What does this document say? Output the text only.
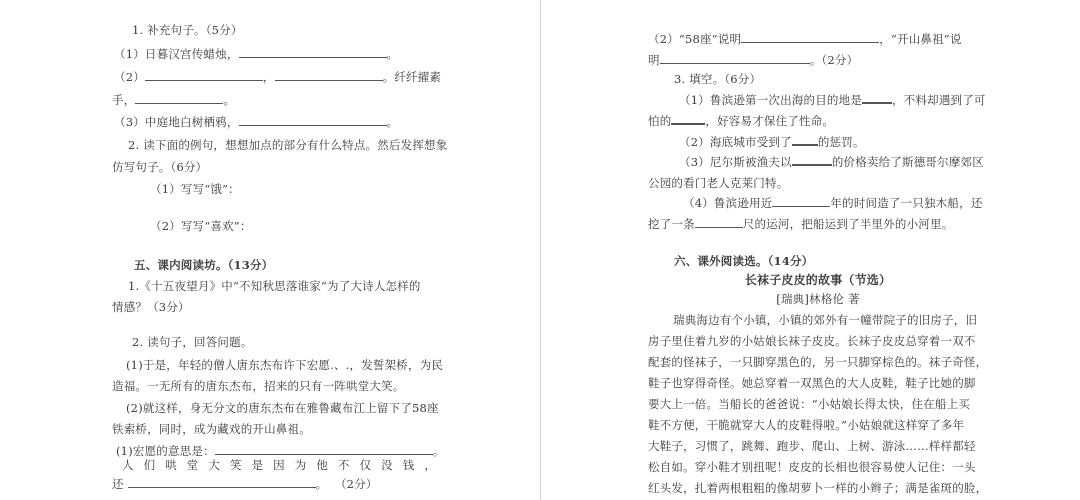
1. 补充句子。（5分）

（1）日暮汉宫传蜡烛，	。

（2）	，	。纤纤擢素

手，	。

（3）中庭地白树栖鸦，	。

2. 读下面的例句，想想加点的部分有什么特点。然后发挥想象

仿写句子。（6分）

（1）写写“饿”：

（2）写写“喜欢”：

五、课内阅读坊。（13分）

1.《十五夜望月》中“不知秋思落谁家”为了大诗人怎样的

情感？（3分）

2. 读句子，回答问题。

(1)于是，年轻的僧人唐东杰布许下宏愿.、.，发誓架桥，为民

造福。一无所有的唐东杰布，招来的只有一阵哄堂大笑。

(2)就这样，身无分文的唐东杰布在雅鲁藏布江上留下了58座

铁索桥，同时，成为藏戏的开山鼻祖。

(1)宏愿的意思是：	。

人 们 哄 堂 大 笑 是 因 为 他 不 仅 没 钱 ，

还	。 （2分）

（2）“58座”说明	，“开山鼻祖”说

明	。（2分）

3. 填空。（6分）

（1）鲁滨逊第一次出海的目的地是	，不料却遇到了可

怕的	，好容易才保住了性命。

（2）海底城市受到了 的惩罚。

（3）尼尔斯被渔夫以	的价格卖给了斯德哥尔摩郊区

公园的看门老人克莱门特。

（4）鲁滨逊用近	年的时间造了一只独木船，还

挖了一条	尺的运河，把船运到了半里外的小河里。

六、课外阅读选。（14分）

长袜子皮皮的故事（节选）

[瑞典]林格伦 著

瑞典海边有个小镇，小镇的郊外有一幢带院子的旧房子，旧

房子里住着九岁的小姑娘长袜子皮皮。长袜子皮皮总穿着一双不

配套的怪袜子，一只脚穿黑色的，另一只脚穿棕色的。袜子奇怪，

鞋子也穿得奇怪。她总穿着一双黑色的大人皮鞋，鞋子比她的脚

要大上一倍。当船长的爸爸说：“小姑娘长得太快，住在船上买

鞋不方便，干脆就穿大人的皮鞋得啦。”小姑娘就这样穿了多年

大鞋子，习惯了，跳舞、跑步、爬山、上树、游泳……样样都轻

松自如。穿小鞋才别扭呢！皮皮的长相也很容易使人记住：一头

红头发，扎着两根粗粗的像胡萝卜一样的小辫子；满是雀斑的脸，
